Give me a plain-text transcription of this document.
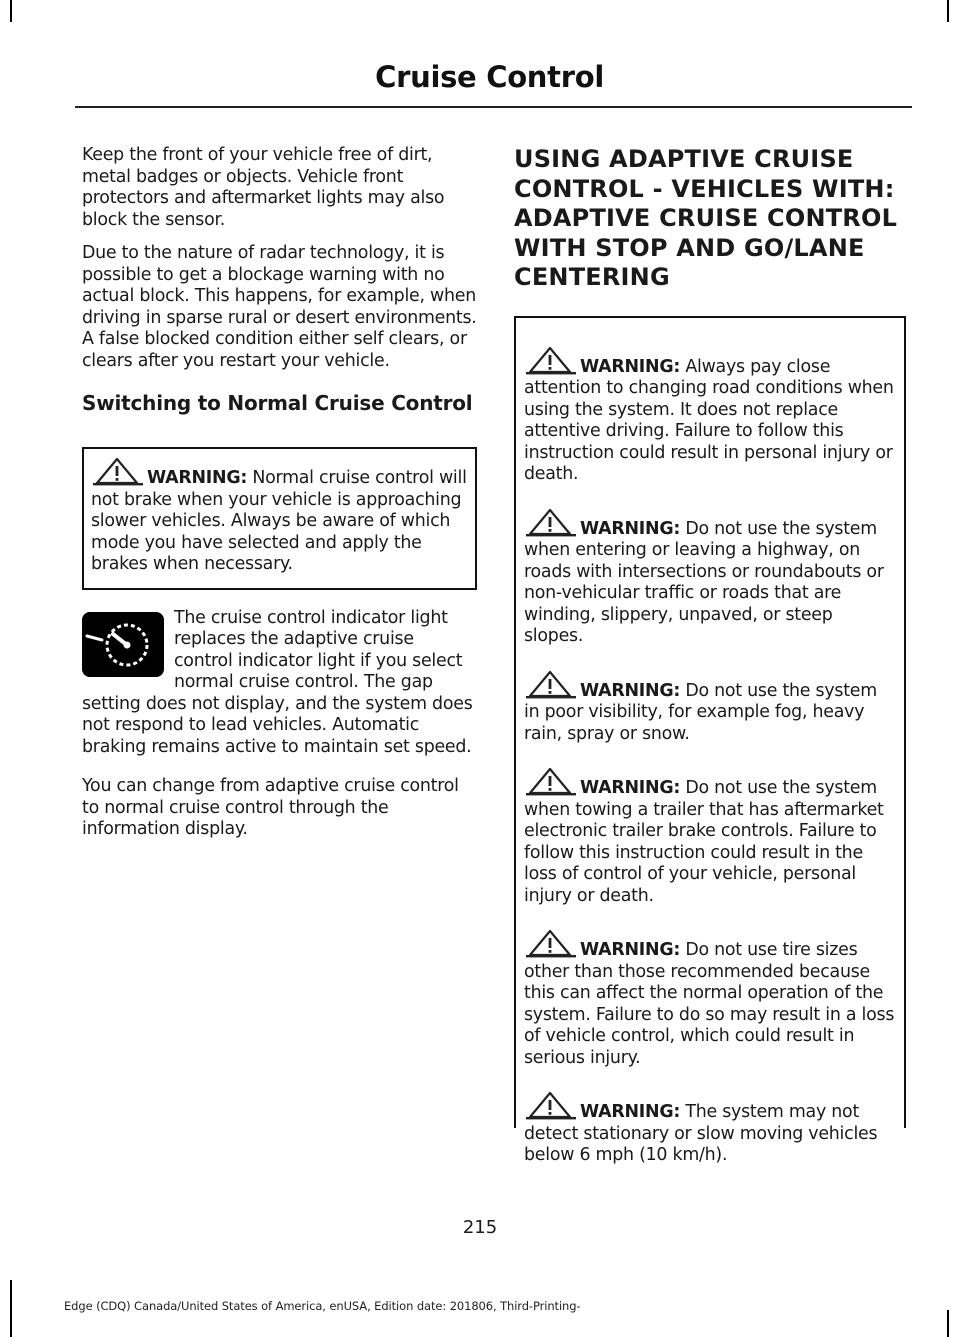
Cruise Control

Keep the front of your vehicle free of dirt, metal badges or objects. Vehicle front protectors and aftermarket lights may also block the sensor.

Due to the nature of radar technology, it is possible to get a blockage warning with no actual block. This happens, for example, when driving in sparse rural or desert environments. A false blocked condition either self clears, or clears after you restart your vehicle.

Switching to Normal Cruise Control
WARNING: Normal cruise control will not brake when your vehicle is approaching slower vehicles. Always be aware of which mode you have selected and apply the brakes when necessary.

The cruise control indicator light replaces the adaptive cruise control indicator light if you select normal cruise control. The gap setting does not display, and the system does not respond to lead vehicles. Automatic braking remains active to maintain set speed.

You can change from adaptive cruise control to normal cruise control through the information display.

USING ADAPTIVE CRUISE CONTROL - VEHICLES WITH: ADAPTIVE CRUISE CONTROL WITH STOP AND GO/LANE CENTERING
WARNING: Always pay close attention to changing road conditions when using the system. It does not replace attentive driving. Failure to follow this instruction could result in personal injury or death.
WARNING: Do not use the system when entering or leaving a highway, on roads with intersections or roundabouts or non-vehicular traffic or roads that are winding, slippery, unpaved, or steep slopes.
WARNING: Do not use the system in poor visibility, for example fog, heavy rain, spray or snow.
WARNING: Do not use the system when towing a trailer that has aftermarket electronic trailer brake controls. Failure to follow this instruction could result in the loss of control of your vehicle, personal injury or death.
WARNING: Do not use tire sizes other than those recommended because this can affect the normal operation of the system. Failure to do so may result in a loss of vehicle control, which could result in serious injury.
WARNING: The system may not detect stationary or slow moving vehicles below 6 mph (10 km/h).
215
Edge (CDQ) Canada/United States of America, enUSA, Edition date: 201806, Third-Printing-
